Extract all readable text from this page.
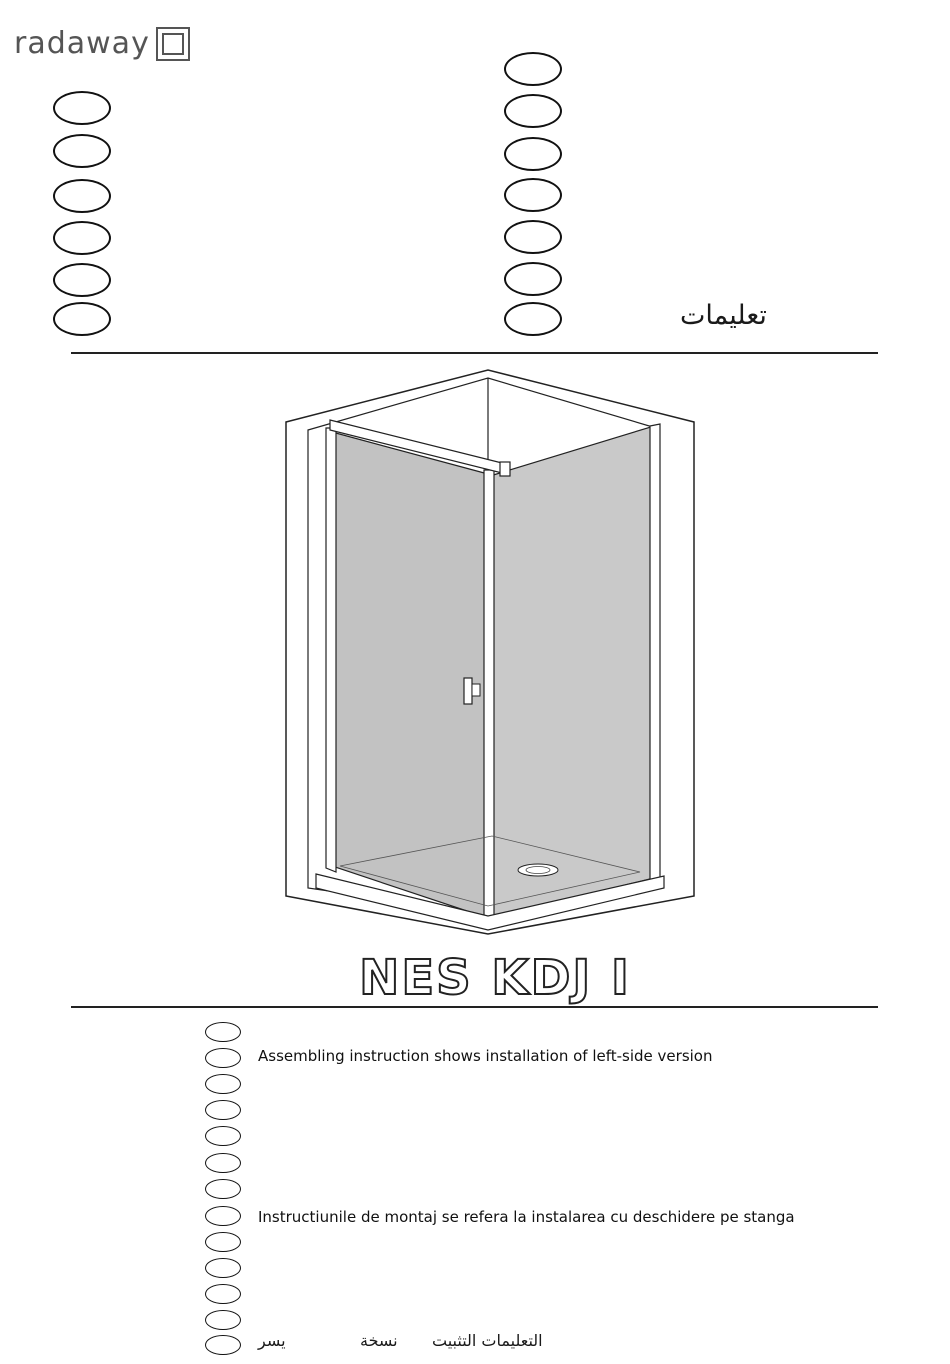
radaway
تعليمات
NES KDJ I
Assembling instruction shows installation of left-side version
Instructiunile de montaj se refera la instalarea cu deschidere pe stanga
يسر	نسخة التعليمات التثبيت
